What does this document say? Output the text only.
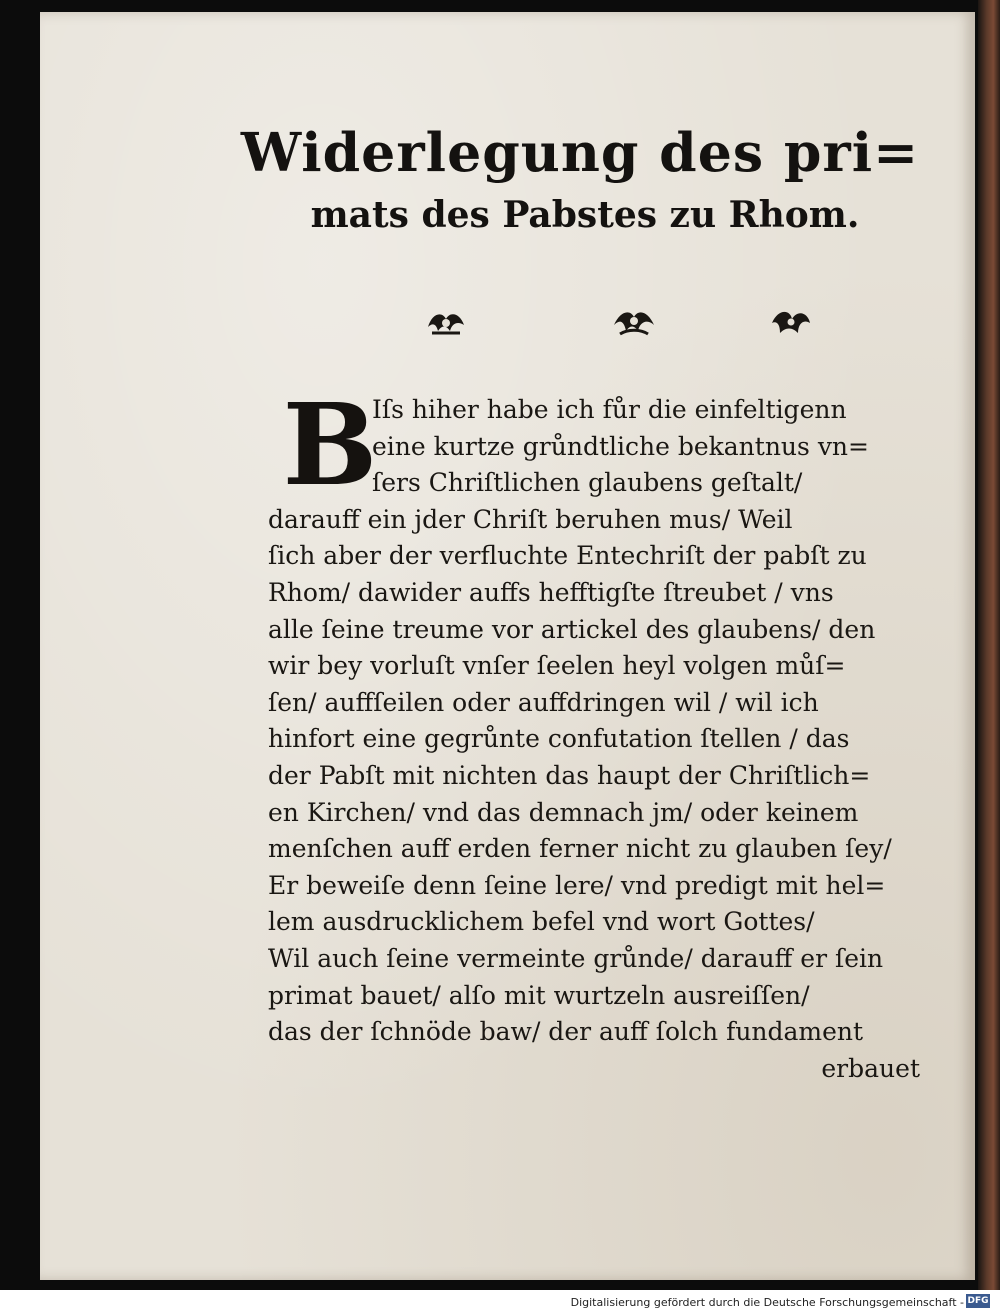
Widerlegung des pri=
mats des Pabstes zu Rhom.
B
Iſs hiher habe ich fůr die einfeltigenn
eine kurtze grůndtliche bekantnus vn=
ſers Chriſtlichen glaubens geſtalt/
darauff ein jder Chriſt beruhen mus/ Weil
ſich aber der verfluchte Entechriſt der pabſt zu
Rhom/ dawider auffs hefftigſte ſtreubet / vns
alle ſeine treume vor artickel des glaubens/ den
wir bey vorluſt vnſer ſeelen heyl volgen můſ=
ſen/ auffſeilen oder auffdringen wil / wil ich
hinfort eine gegrůnte confutation ſtellen / das
der Pabſt mit nichten das haupt der Chriſtlich=
en Kirchen/ vnd das demnach jm/ oder keinem
menſchen auff erden ferner nicht zu glauben ſey/
Er beweiſe denn ſeine lere/ vnd predigt mit hel=
lem ausdrucklichem befel vnd wort Gottes/
Wil auch ſeine vermeinte grůnde/ darauff er ſein
primat bauet/ alſo mit wurtzeln ausreiſſen/
das der ſchnöde baw/ der auff ſolch fundament
erbauet
Digitalisierung gefördert durch die Deutsche Forschungsgemeinschaft - DFG
